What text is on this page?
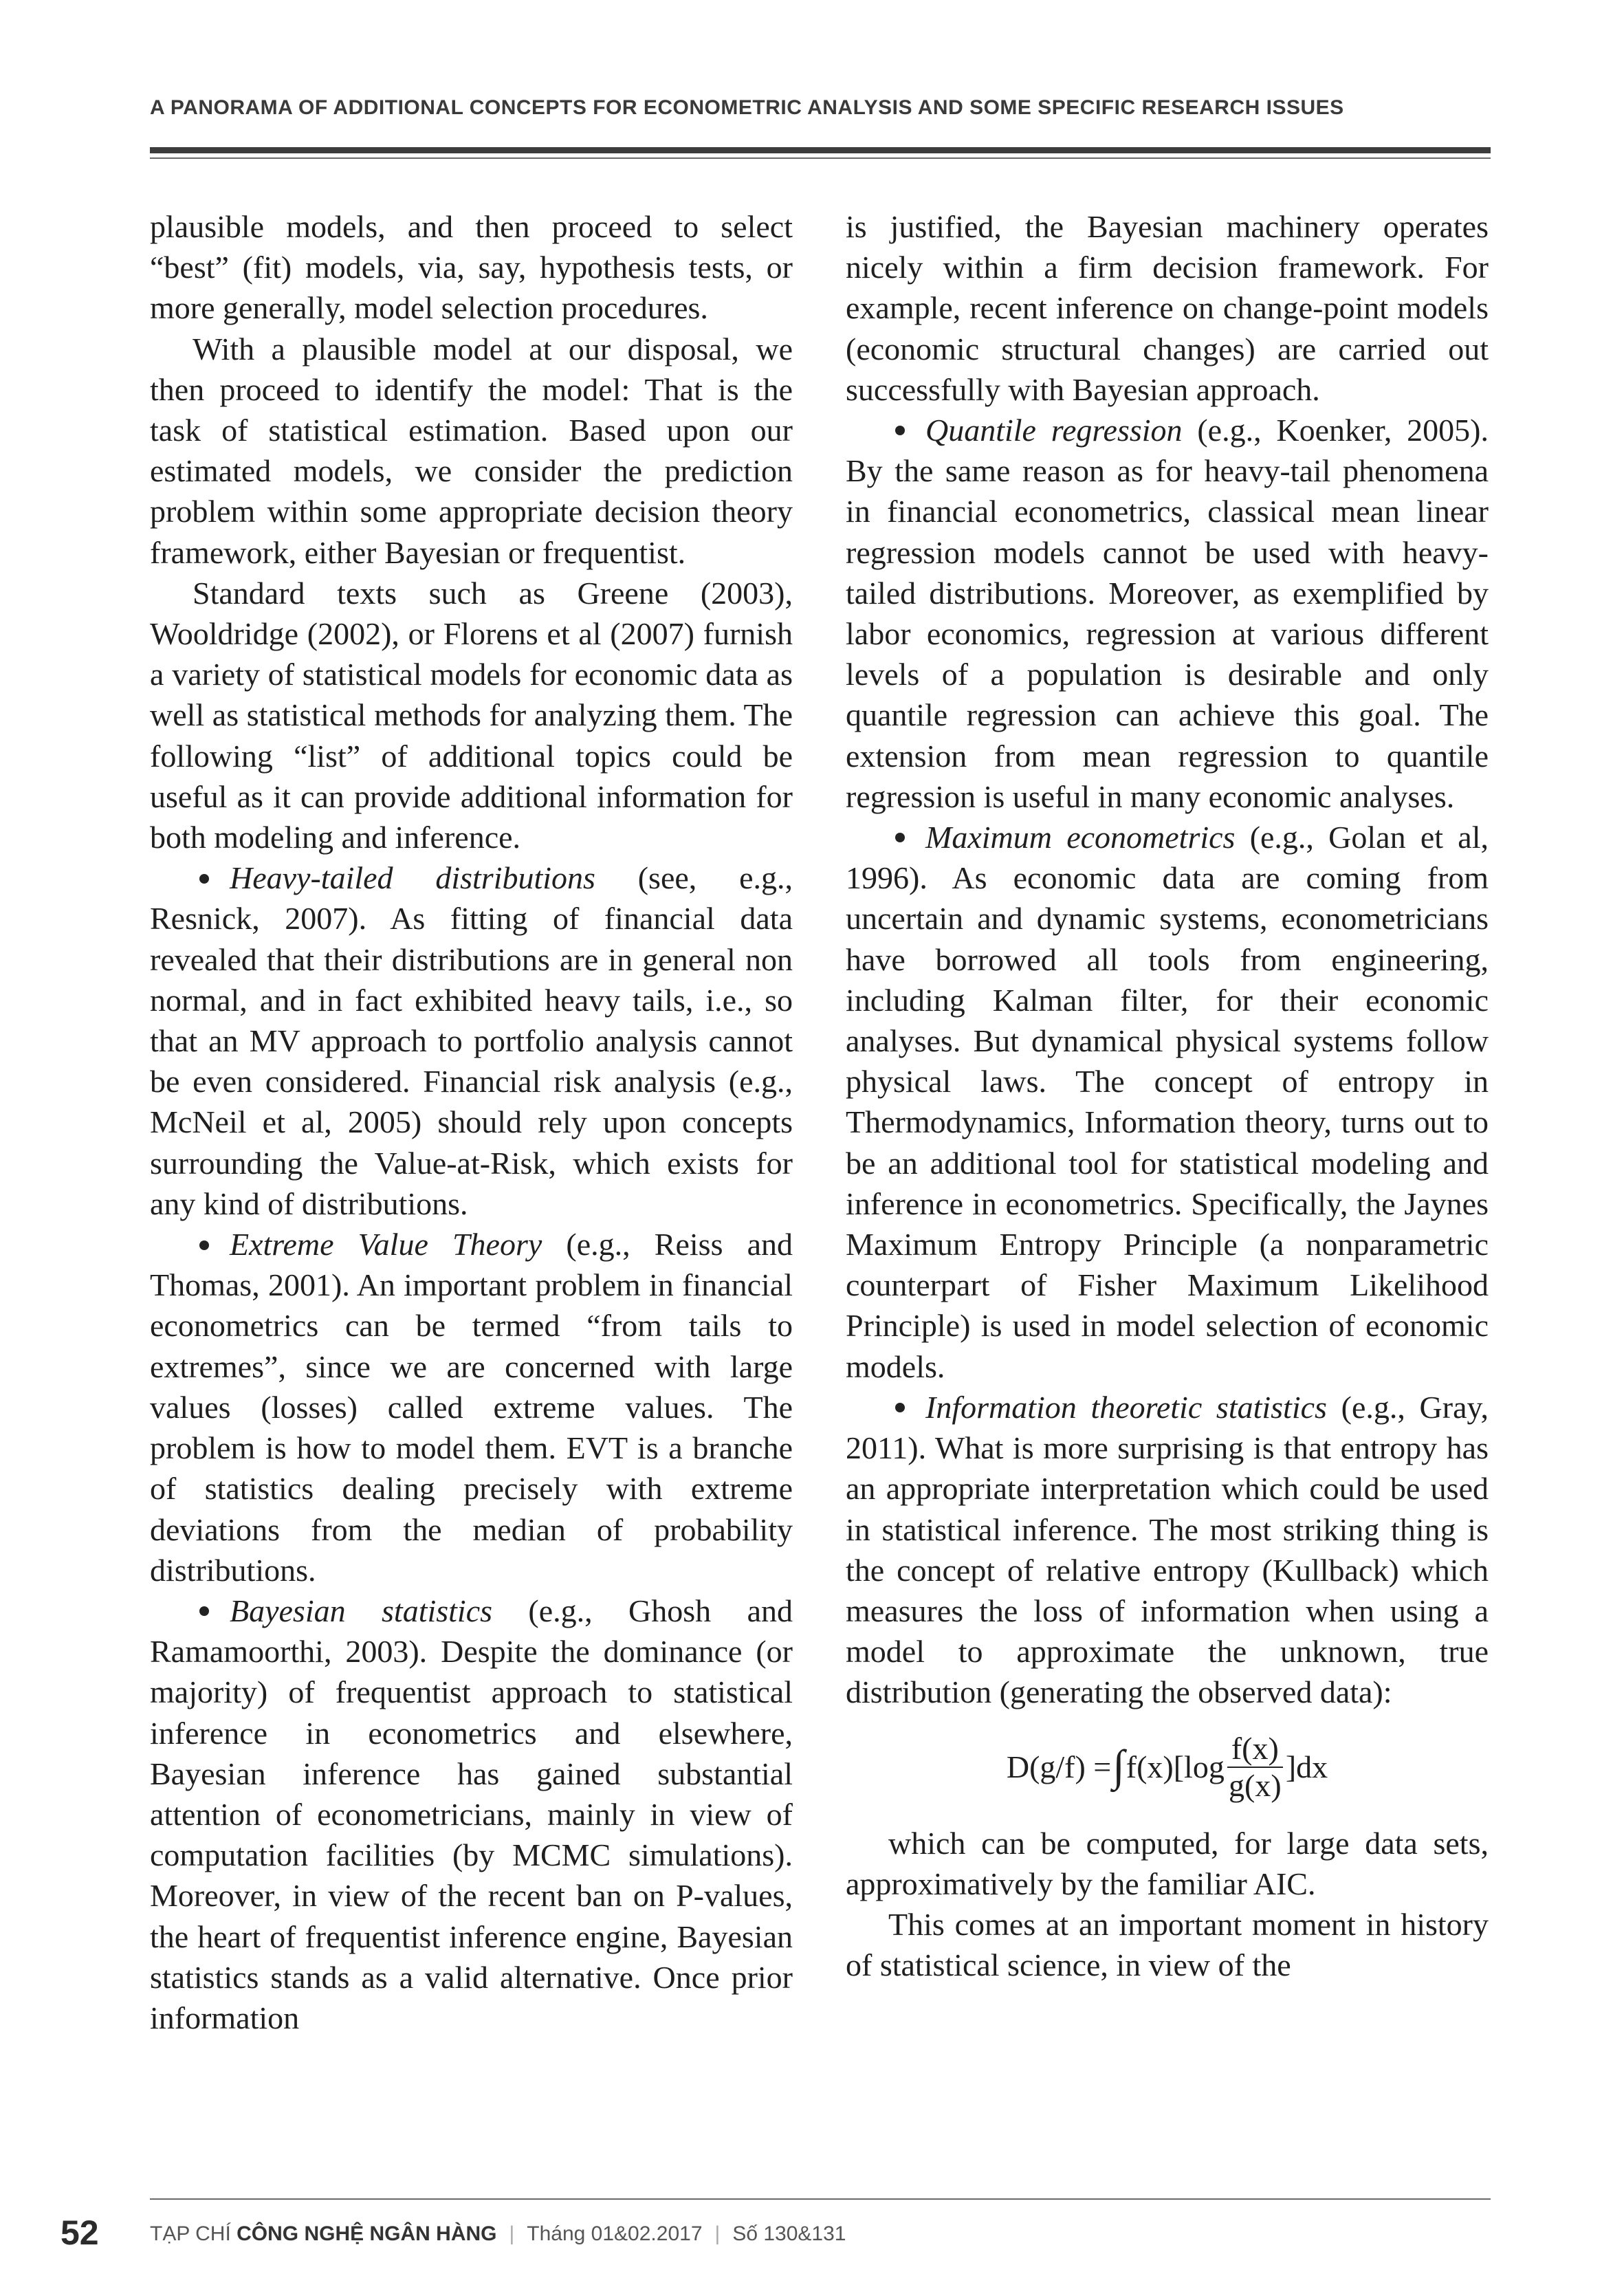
A PANORAMA OF ADDITIONAL CONCEPTS FOR ECONOMETRIC ANALYSIS AND SOME SPECIFIC RESEARCH ISSUES

plausible models, and then proceed to select “best” (fit) models, via, say, hypothesis tests, or more generally, model selection procedures.

With a plausible model at our disposal, we then proceed to identify the model: That is the task of statistical estimation. Based upon our estimated models, we consider the prediction problem within some appropriate decision theory framework, either Bayesian or frequentist.

Standard texts such as Greene (2003), Wooldridge (2002), or Florens et al (2007) furnish a variety of statistical models for economic data as well as statistical methods for analyzing them. The following “list” of additional topics could be useful as it can provide additional information for both modeling and inference.

Heavy-tailed distributions (see, e.g., Resnick, 2007). As fitting of financial data revealed that their distributions are in general non normal, and in fact exhibited heavy tails, i.e., so that an MV approach to portfolio analysis cannot be even considered. Financial risk analysis (e.g., McNeil et al, 2005) should rely upon concepts surrounding the Value-at-Risk, which exists for any kind of distributions.

Extreme Value Theory (e.g., Reiss and Thomas, 2001). An important problem in financial econometrics can be termed “from tails to extremes”, since we are concerned with large values (losses) called extreme values. The problem is how to model them. EVT is a branche of statistics dealing precisely with extreme deviations from the median of probability distributions.

Bayesian statistics (e.g., Ghosh and Ramamoorthi, 2003). Despite the dominance (or majority) of frequentist approach to statistical inference in econometrics and elsewhere, Bayesian inference has gained substantial attention of econometricians, mainly in view of computation facilities (by MCMC simulations). Moreover, in view of the recent ban on P-values, the heart of frequentist inference engine, Bayesian statistics stands as a valid alternative. Once prior information

is justified, the Bayesian machinery operates nicely within a firm decision framework. For example, recent inference on change-point models (economic structural changes) are carried out successfully with Bayesian approach.

Quantile regression (e.g., Koenker, 2005). By the same reason as for heavy-tail phenomena in financial econometrics, classical mean linear regression models cannot be used with heavy-tailed distributions. Moreover, as exemplified by labor economics, regression at various different levels of a population is desirable and only quantile regression can achieve this goal. The extension from mean regression to quantile regression is useful in many economic analyses.

Maximum econometrics (e.g., Golan et al, 1996). As economic data are coming from uncertain and dynamic systems, econometricians have borrowed all tools from engineering, including Kalman filter, for their economic analyses. But dynamical physical systems follow physical laws. The concept of entropy in Thermodynamics, Information theory, turns out to be an additional tool for statistical modeling and inference in econometrics. Specifically, the Jaynes Maximum Entropy Principle (a nonparametric counterpart of Fisher Maximum Likelihood Principle) is used in model selection of economic models.

Information theoretic statistics (e.g., Gray, 2011). What is more surprising is that entropy has an appropriate interpretation which could be used in statistical inference. The most striking thing is the concept of relative entropy (Kullback) which measures the loss of information when using a model to approximate the unknown, true distribution (generating the observed data):

D(g/f) = ∫ $f(x)[\log \frac{f(x)}{g(x)} ]dx$

which can be computed, for large data sets, approximatively by the familiar AIC.

This comes at an important moment in history of statistical science, in view of the

52 TẠP CHÍ CÔNG NGHỆ NGÂN HÀNG | Tháng 01&02.2017 | Số 130&131
